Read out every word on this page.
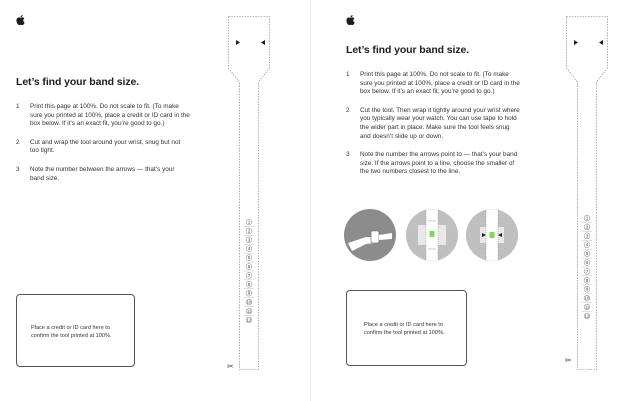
Let’s find your band size.
1	Print this page at 100%. Do not scale to fit. (To make sure you printed at 100%, place a credit or ID card in the box below. If it’s an exact fit, you’re good to go.)
2	Cut and wrap the tool around your wrist, snug but not too tight.
3	Note the number between the arrows — that’s your band size.
Place a credit or ID card here to confirm the tool printed at 100%.
1
2
3
4
5
6
7
8
9
10
11
12
✂
Let’s find your band size.
1	Print this page at 100%. Do not scale to fit. (To make sure you printed at 100%, place a credit or ID card in the box below. If it’s an exact fit, you’re good to go.)
2	Cut the tool. Then wrap it tightly around your wrist where you typically wear your watch. You can use tape to hold the wider part in place. Make sure the tool feels snug and doesn’t slide up or down.
3	Note the number the arrows point to — that’s your band size. If the arrows point to a line, choose the smaller of the two numbers closest to the line.
Place a credit or ID card here to confirm the tool printed at 100%.
1
2
3
4
5
6
7
8
9
10
11
12
✂
